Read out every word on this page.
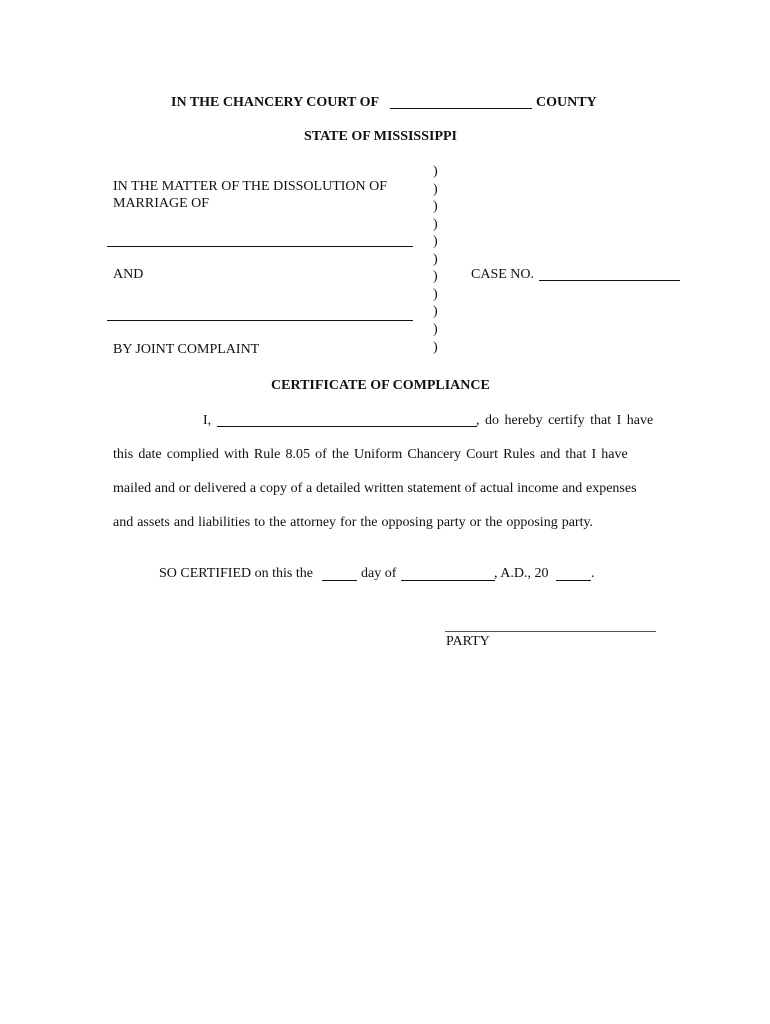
IN THE CHANCERY COURT OF	COUNTY
STATE OF MISSISSIPPI
IN THE MATTER OF THE DISSOLUTION OF
MARRIAGE OF
AND
BY JOINT COMPLAINT
)
)
)
)
)
)
)
)
)
)
)
CASE NO.
CERTIFICATE OF COMPLIANCE
I,	, do hereby certify that I have
this date complied with Rule 8.05 of the Uniform Chancery Court Rules and that I have
mailed and or delivered a copy of a detailed written statement of actual income and expenses
and assets and liabilities to the attorney for the opposing party or the opposing party.
SO CERTIFIED on this the	day of	, A.D., 20	.
PARTY
